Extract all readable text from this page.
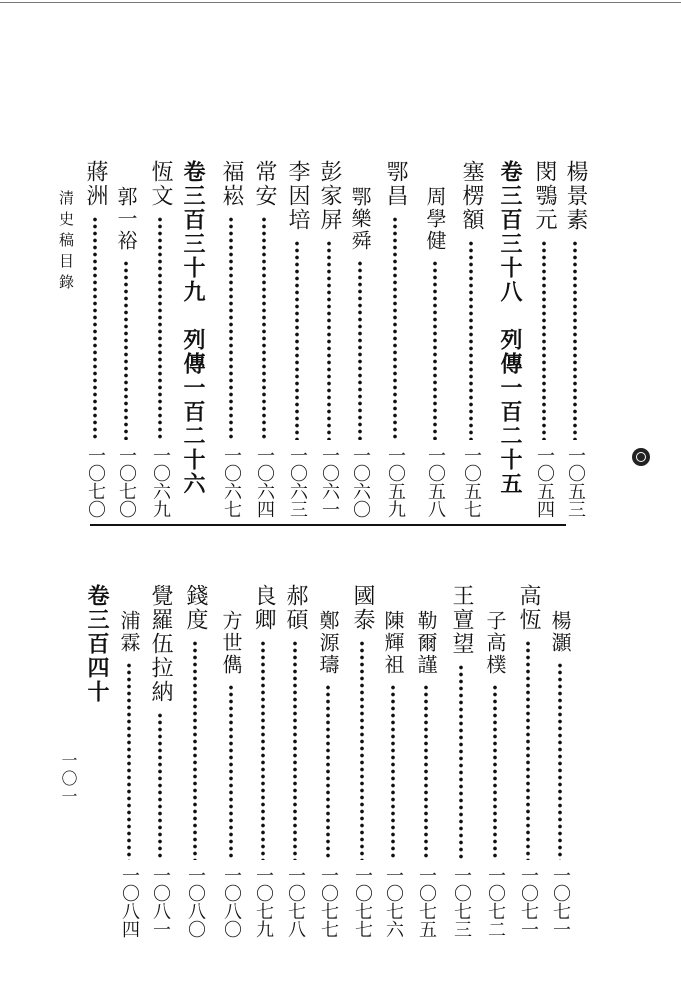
清史稿目錄
一〇一
楊景素
一〇五三
閔鶚元
一〇五四
卷三百三十八　列傳一百二十五
塞楞額
一〇五七
周學健
一〇五八
鄂昌
一〇五九
鄂樂舜
一〇六〇
彭家屏
一〇六一
李因培
一〇六三
常安
一〇六四
福崧
一〇六七
卷三百三十九　列傳一百二十六
恆文
一〇六九
郭一裕
一〇七〇
蔣洲
一〇七〇
楊灝
一〇七一
高恆
一〇七一
子高樸
一〇七二
王亶望
一〇七三
勒爾謹
一〇七五
陳輝祖
一〇七六
國泰
一〇七七
鄭源璹
一〇七七
郝碩
一〇七八
良卿
一〇七九
方世儁
一〇八〇
錢度
一〇八〇
覺羅伍拉納
一〇八一
浦霖
一〇八四
卷三百四十
